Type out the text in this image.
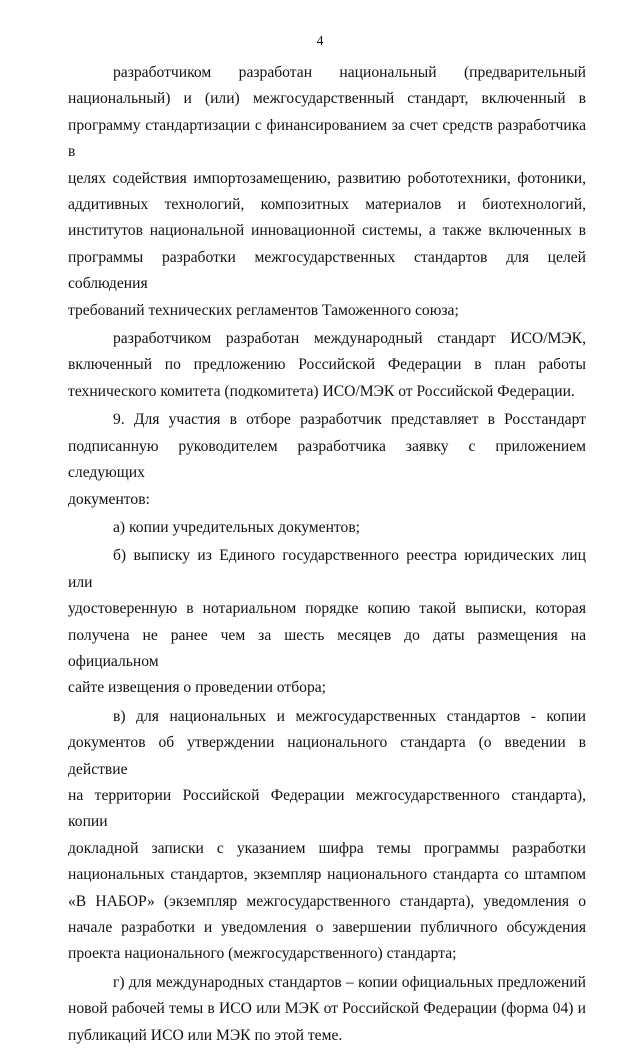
4

разработчиком разработан национальный (предварительный
национальный) и (или) межгосударственный стандарт, включенный в
программу стандартизации с финансированием за счет средств разработчика в
целях содействия импортозамещению, развитию робототехники, фотоники,
аддитивных технологий, композитных материалов и биотехнологий,
институтов национальной инновационной системы, а также включенных в
программы разработки межгосударственных стандартов для целей соблюдения
требований технических регламентов Таможенного союза;

разработчиком разработан международный стандарт ИСО/МЭК,
включенный по предложению Российской Федерации в план работы
технического комитета (подкомитета) ИСО/МЭК от Российской Федерации.

9. Для участия в отборе разработчик представляет в Росстандарт
подписанную руководителем разработчика заявку с приложением следующих
документов:

а) копии учредительных документов;

б) выписку из Единого государственного реестра юридических лиц или
удостоверенную в нотариальном порядке копию такой выписки, которая
получена не ранее чем за шесть месяцев до даты размещения на официальном
сайте извещения о проведении отбора;

в) для национальных и межгосударственных стандартов - копии
документов об утверждении национального стандарта (о введении в действие
на территории Российской Федерации межгосударственного стандарта), копии
докладной записки с указанием шифра темы программы разработки
национальных стандартов, экземпляр национального стандарта со штампом
«В НАБОР» (экземпляр межгосударственного стандарта), уведомления о
начале разработки и уведомления о завершении публичного обсуждения
проекта национального (межгосударственного) стандарта;

г) для международных стандартов – копии официальных предложений
новой рабочей темы в ИСО или МЭК от Российской Федерации (форма 04) и
публикаций ИСО или МЭК по этой теме.
